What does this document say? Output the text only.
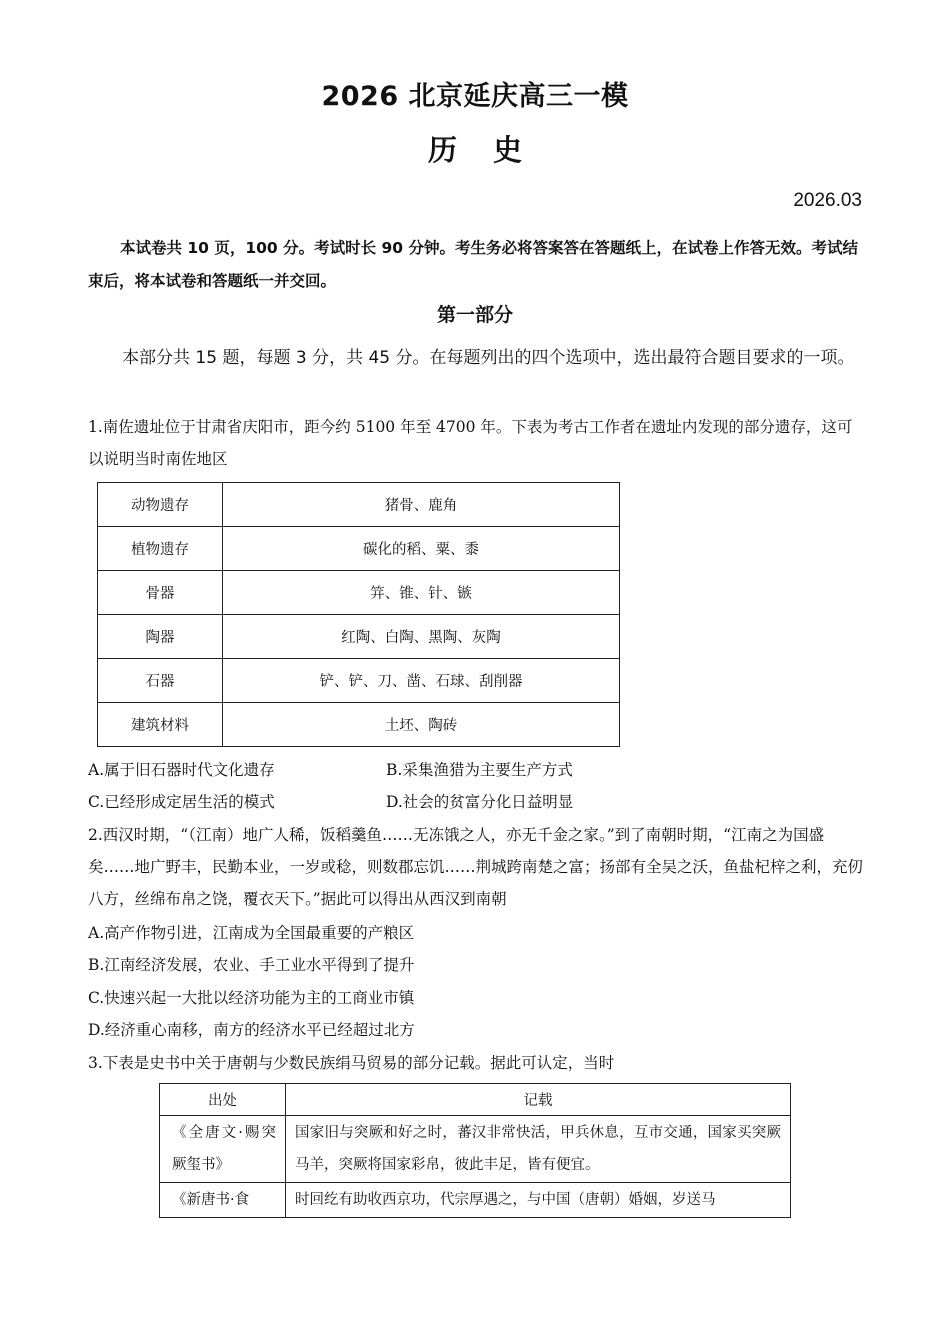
2026 北京延庆高三一模
历史
2026.03
本试卷共 10 页，100 分。考试时长 90 分钟。考生务必将答案答在答题纸上，在试卷上作答无效。考试结束后，将本试卷和答题纸一并交回。
第一部分
本部分共 15 题，每题 3 分，共 45 分。在每题列出的四个选项中，选出最符合题目要求的一项。
1.南佐遗址位于甘肃省庆阳市，距今约 5100 年至 4700 年。下表为考古工作者在遗址内发现的部分遗存，这可以说明当时南佐地区
动物遗存	猪骨、鹿角
植物遗存	碳化的稻、粟、黍
骨器	笄、锥、针、镞
陶器	红陶、白陶、黑陶、灰陶
石器	铲、铲、刀、凿、石球、刮削器
建筑材料	土坯、陶砖
A.属于旧石器时代文化遗存	B.采集渔猎为主要生产方式
C.已经形成定居生活的模式	D.社会的贫富分化日益明显
2.西汉时期，“（江南）地广人稀，饭稻羹鱼……无冻饿之人，亦无千金之家。”到了南朝时期，“江南之为国盛矣……地广野丰，民勤本业，一岁或稔，则数郡忘饥……荆城跨南楚之富；扬部有全吴之沃，鱼盐杞梓之利，充仞八方，丝绵布帛之饶，覆衣天下。”据此可以得出从西汉到南朝
A.高产作物引进，江南成为全国最重要的产粮区
B.江南经济发展，农业、手工业水平得到了提升
C.快速兴起一大批以经济功能为主的工商业市镇
D.经济重心南移，南方的经济水平已经超过北方
3.下表是史书中关于唐朝与少数民族绢马贸易的部分记载。据此可认定，当时
出处	记载
《全唐文·赐突厥玺书》	国家旧与突厥和好之时，蕃汉非常快活，甲兵休息，互市交通，国家买突厥马羊，突厥将国家彩帛，彼此丰足，皆有便宜。
《新唐书·食	时回纥有助收西京功，代宗厚遇之，与中国（唐朝）婚姻，岁送马
